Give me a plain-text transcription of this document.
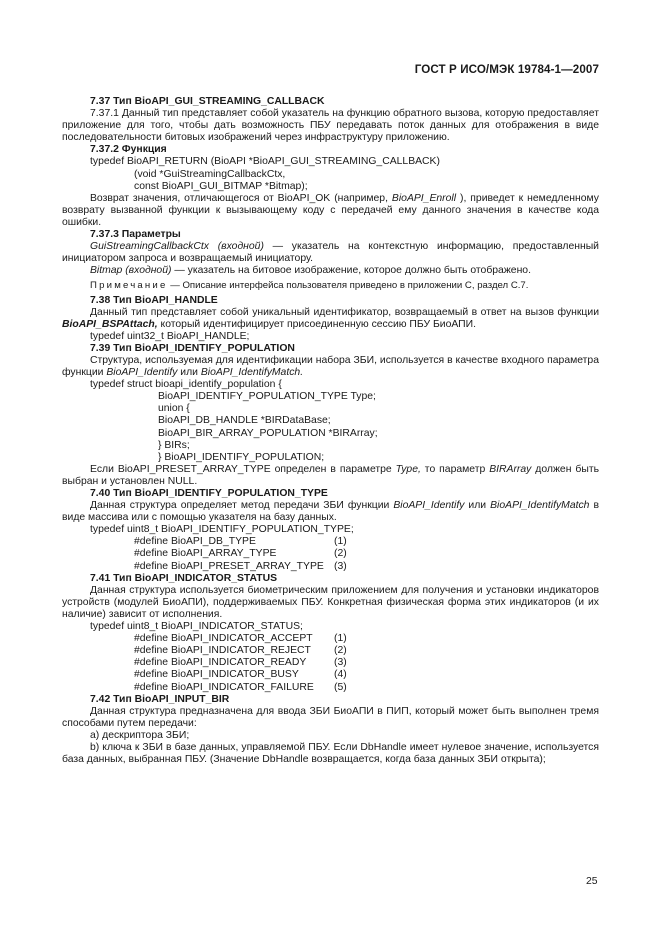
ГОСТ Р ИСО/МЭК 19784-1—2007
7.37 Тип BioAPI_GUI_STREAMING_CALLBACK

7.37.1 Данный тип представляет собой указатель на функцию обратного вызова, которую предоставляет приложение для того, чтобы дать возможность ПБУ передавать поток данных для отображения в виде последовательности битовых изображений через инфраструктуру приложению.

7.37.2 Функция
typedef BioAPI_RETURN (BioAPI *BioAPI_GUI_STREAMING_CALLBACK)
(void *GuiStreamingCallbackCtx,
const BioAPI_GUI_BITMAP *Bitmap);

Возврат значения, отличающегося от BioAPI_OK (например, BioAPI_Enroll ), приведет к немедленному возврату вызванной функции к вызывающему коду с передачей ему данного значения в качестве кода ошибки.

7.37.3 Параметры

GuiStreamingCallbackCtx (входной) — указатель на контекстную информацию, предоставленный инициатором запроса и возвращаемый инициатору.

Bitmap (входной) — указатель на битовое изображение, которое должно быть отображено.

Примечание — Описание интерфейса пользователя приведено в приложении С, раздел С.7.

7.38 Тип BioAPI_HANDLE

Данный тип представляет собой уникальный идентификатор, возвращаемый в ответ на вызов функции BioAPI_BSPAttach, который идентифицирует присоединенную сессию ПБУ БиоАПИ.

typedef uint32_t BioAPI_HANDLE;
7.39 Тип BioAPI_IDENTIFY_POPULATION

Структура, используемая для идентификации набора ЗБИ, используется в качестве входного параметра функции BioAPI_Identify или BioAPI_IdentifyMatch.

typedef struct bioapi_identify_population {
BioAPI_IDENTIFY_POPULATION_TYPE Type;
union {
BioAPI_DB_HANDLE *BIRDataBase;
BioAPI_BIR_ARRAY_POPULATION *BIRArray;
} BIRs;
} BioAPI_IDENTIFY_POPULATION;

Если BioAPI_PRESET_ARRAY_TYPE определен в параметре Type, то параметр BIRArray должен быть выбран и установлен NULL.

7.40 Тип BioAPI_IDENTIFY_POPULATION_TYPE

Данная структура определяет метод передачи ЗБИ функции BioAPI_Identify или BioAPI_IdentifyMatch в виде массива или с помощью указателя на базу данных.

typedef uint8_t BioAPI_IDENTIFY_POPULATION_TYPE;
#define BioAPI_DB_TYPE	(1)
#define BioAPI_ARRAY_TYPE	(2)
#define BioAPI_PRESET_ARRAY_TYPE (3)
7.41 Тип BioAPI_INDICATOR_STATUS

Данная структура используется биометрическим приложением для получения и установки индикаторов устройств (модулей БиоАПИ), поддерживаемых ПБУ. Конкретная физическая форма этих индикаторов (и их наличие) зависит от исполнения.

typedef uint8_t BioAPI_INDICATOR_STATUS;
#define BioAPI_INDICATOR_ACCEPT	(1)
#define BioAPI_INDICATOR_REJECT	(2)
#define BioAPI_INDICATOR_READY	(3)
#define BioAPI_INDICATOR_BUSY	(4)
#define BioAPI_INDICATOR_FAILURE	(5)
7.42 Тип BioAPI_INPUT_BIR

Данная структура предназначена для ввода ЗБИ БиоАПИ в ПИП, который может быть выполнен тремя способами путем передачи:

а) дескриптора ЗБИ;

b) ключа к ЗБИ в базе данных, управляемой ПБУ. Если DbHandle имеет нулевое значение, используется база данных, выбранная ПБУ. (Значение DbHandle возвращается, когда база данных ЗБИ открыта);

25
